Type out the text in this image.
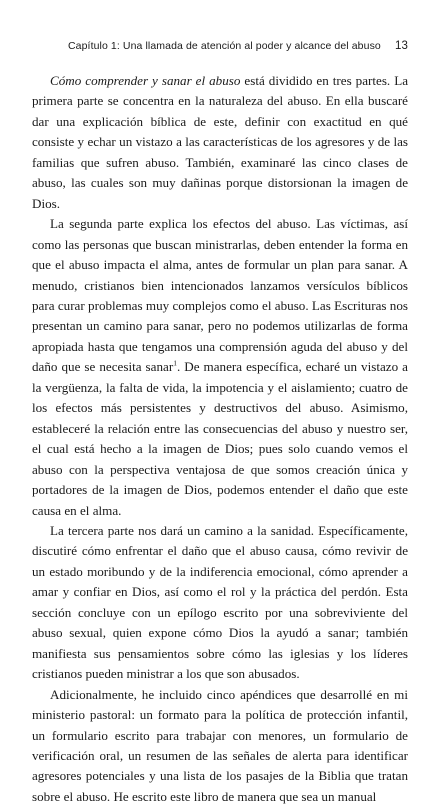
Capítulo 1: Una llamada de atención al poder y alcance del abuso 13

Cómo comprender y sanar el abuso está dividido en tres partes. La primera parte se concentra en la naturaleza del abuso. En ella buscaré dar una explicación bíblica de este, definir con exactitud en qué consiste y echar un vistazo a las características de los agresores y de las familias que sufren abuso. También, examinaré las cinco clases de abuso, las cuales son muy dañinas porque distorsionan la imagen de Dios.

La segunda parte explica los efectos del abuso. Las víctimas, así como las personas que buscan ministrarlas, deben entender la forma en que el abuso impacta el alma, antes de formular un plan para sanar. A menudo, cristianos bien intencionados lanzamos versículos bíblicos para curar problemas muy complejos como el abuso. Las Escrituras nos presentan un camino para sanar, pero no podemos utilizarlas de forma apropiada hasta que tengamos una comprensión aguda del abuso y del daño que se necesita sanar$^1$. De manera específica, echaré un vistazo a la vergüenza, la falta de vida, la impotencia y el aislamiento; cuatro de los efectos más persistentes y destructivos del abuso. Asimismo, estableceré la relación entre las consecuencias del abuso y nuestro ser, el cual está hecho a la imagen de Dios; pues solo cuando vemos el abuso con la perspectiva ventajosa de que somos creación única y portadores de la imagen de Dios, podemos entender el daño que este causa en el alma.

La tercera parte nos dará un camino a la sanidad. Específicamente, discutiré cómo enfrentar el daño que el abuso causa, cómo revivir de un estado moribundo y de la indiferencia emocional, cómo aprender a amar y confiar en Dios, así como el rol y la práctica del perdón. Esta sección concluye con un epílogo escrito por una sobreviviente del abuso sexual, quien expone cómo Dios la ayudó a sanar; también manifiesta sus pensamientos sobre cómo las iglesias y los líderes cristianos pueden ministrar a los que son abusados.

Adicionalmente, he incluido cinco apéndices que desarrollé en mi ministerio pastoral: un formato para la política de protección infantil, un formulario escrito para trabajar con menores, un formulario de verificación oral, un resumen de las señales de alerta para identificar agresores potenciales y una lista de los pasajes de la Biblia que tratan sobre el abuso. He escrito este libro de manera que sea un manual
